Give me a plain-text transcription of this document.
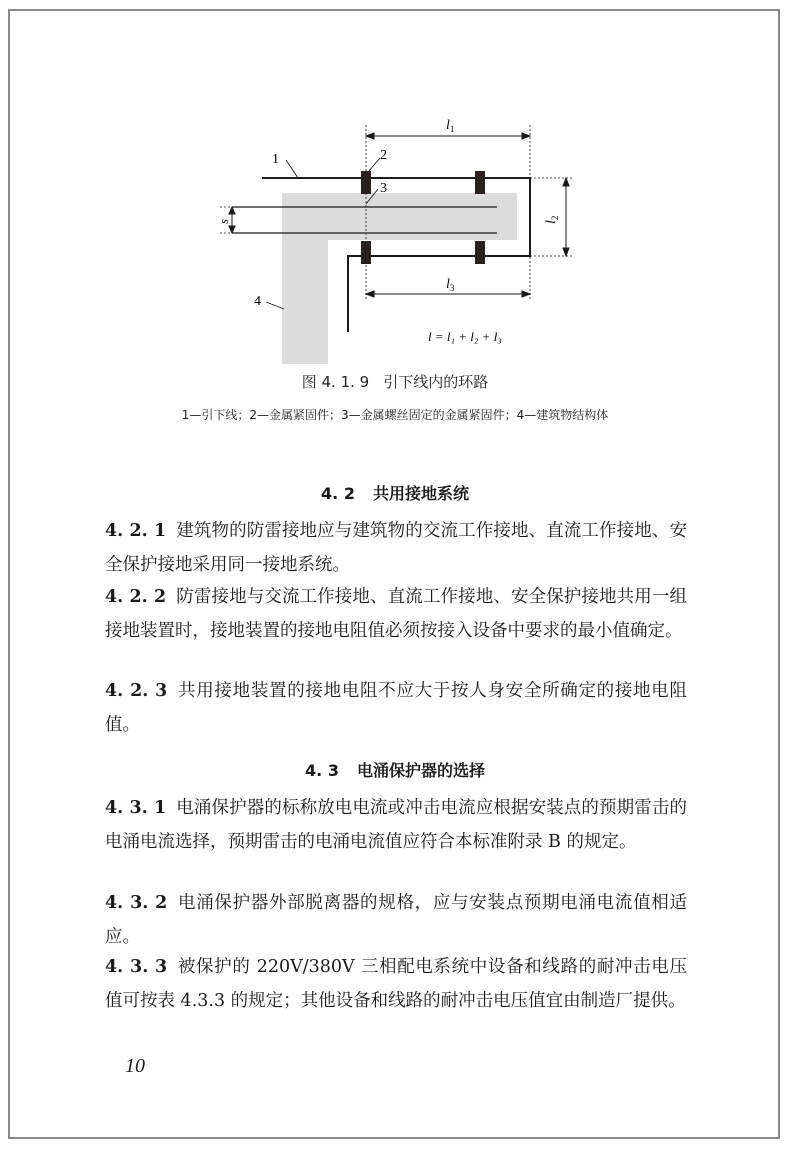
1	2
3
4
$l_1$
$l_3$
$l_2$
s
l = l₁ + l₂ + l₃
图 4. 1. 9 引下线内的环路
1—引下线；2—金属紧固件；3—金属螺丝固定的金属紧固件；4—建筑物结构体
4. 2 共用接地系统
4. 2. 1 建筑物的防雷接地应与建筑物的交流工作接地、直流工作接地、安全保护接地采用同一接地系统。
4. 2. 2 防雷接地与交流工作接地、直流工作接地、安全保护接地共用一组接地装置时，接地装置的接地电阻值必须按接入设备中要求的最小值确定。
4. 2. 3 共用接地装置的接地电阻不应大于按人身安全所确定的接地电阻值。
4. 3 电涌保护器的选择
4. 3. 1 电涌保护器的标称放电电流或冲击电流应根据安装点的预期雷击的电涌电流选择，预期雷击的电涌电流值应符合本标准附录 B 的规定。
4. 3. 2 电涌保护器外部脱离器的规格，应与安装点预期电涌电流值相适应。
4. 3. 3 被保护的 220V/380V 三相配电系统中设备和线路的耐冲击电压值可按表 4.3.3 的规定；其他设备和线路的耐冲击电压值宜由制造厂提供。
10
